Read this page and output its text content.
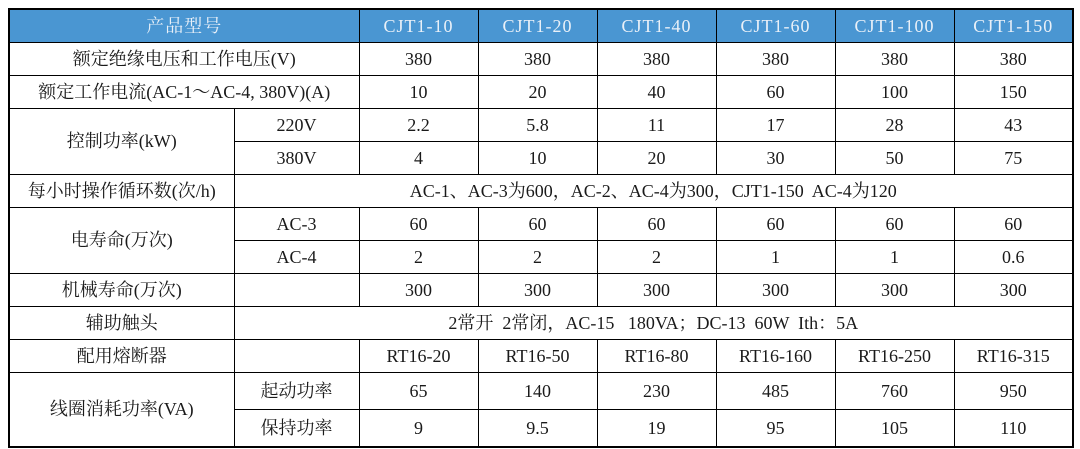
产品型号		CJT1-10	CJT1-20	CJT1-40	CJT1-60	CJT1-100	CJT1-150
额定绝缘电压和工作电压(V)		380	380	380	380	380	380
额定工作电流(AC-1～AC-4, 380V)(A)		10	20	40	60	100	150
控制功率(kW)	220V	2.2	5.8	11	17	28	43
	380V	4	10	20	30	50	75
每小时操作循环数(次/h)	AC-1、AC-3为600，AC-2、AC-4为300，CJT1-150  AC-4为120						
电寿命(万次)	AC-3	60	60	60	60	60	60
	AC-4	2	2	2	1	1	0.6
机械寿命(万次)		300	300	300	300	300	300
辅助触头	2常开  2常闭，AC-15   180VA；DC-13  60W  Ith：5A						
配用熔断器		RT16-20	RT16-50	RT16-80	RT16-160	RT16-250	RT16-315
线圈消耗功率(VA)	起动功率	65	140	230	485	760	950
	保持功率	9	9.5	19	95	105	110
